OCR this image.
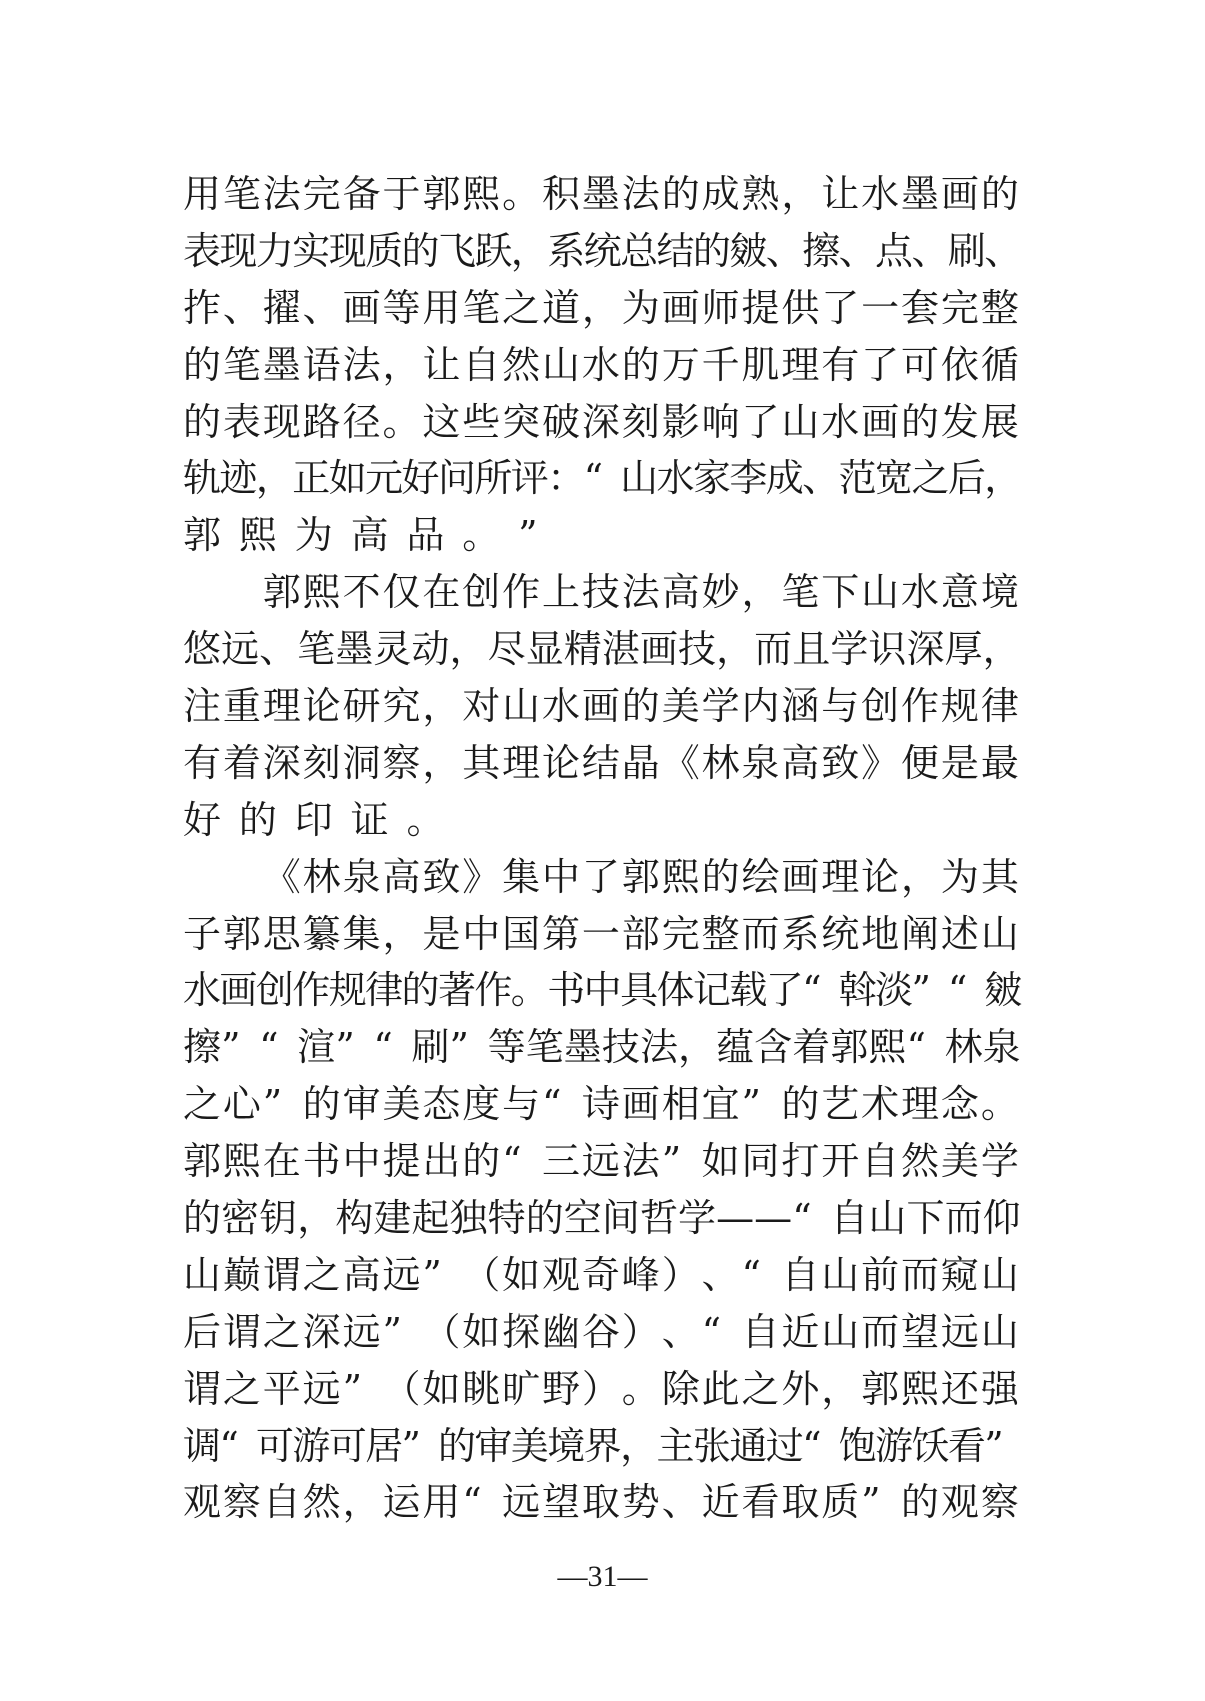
用笔法完备于郭熙。积墨法的成熟，让水墨画的
表现力实现质的飞跃，系统总结的皴、擦、点、刷、
拃、擢、画等用笔之道，为画师提供了一套完整
的笔墨语法，让自然山水的万千肌理有了可依循
的表现路径。这些突破深刻影响了山水画的发展
轨迹，正如元好问所评：“ 山水家李成、范宽之后，
郭 熙 为 高 品 。 ”
郭熙不仅在创作上技法高妙，笔下山水意境
悠远、笔墨灵动，尽显精湛画技，而且学识深厚，
注重理论研究，对山水画的美学内涵与创作规律
有着深刻洞察，其理论结晶《林泉高致》便是最
好 的 印 证 。
《林泉高致》集中了郭熙的绘画理论，为其
子郭思纂集，是中国第一部完整而系统地阐述山
水画创作规律的著作。书中具体记载了“ 斡淡” “ 皴
擦” “ 渲” “ 刷” 等笔墨技法，蕴含着郭熙“ 林泉
之心” 的审美态度与“ 诗画相宜” 的艺术理念。
郭熙在书中提出的“ 三远法” 如同打开自然美学
的密钥，构建起独特的空间哲学——“ 自山下而仰
山巅谓之高远” （如观奇峰）、“ 自山前而窥山
后谓之深远” （如探幽谷）、“ 自近山而望远山
谓之平远” （如眺旷野）。除此之外，郭熙还强
调“ 可游可居” 的审美境界，主张通过“ 饱游饫看”
观察自然，运用“ 远望取势、近看取质” 的观察
—31—
